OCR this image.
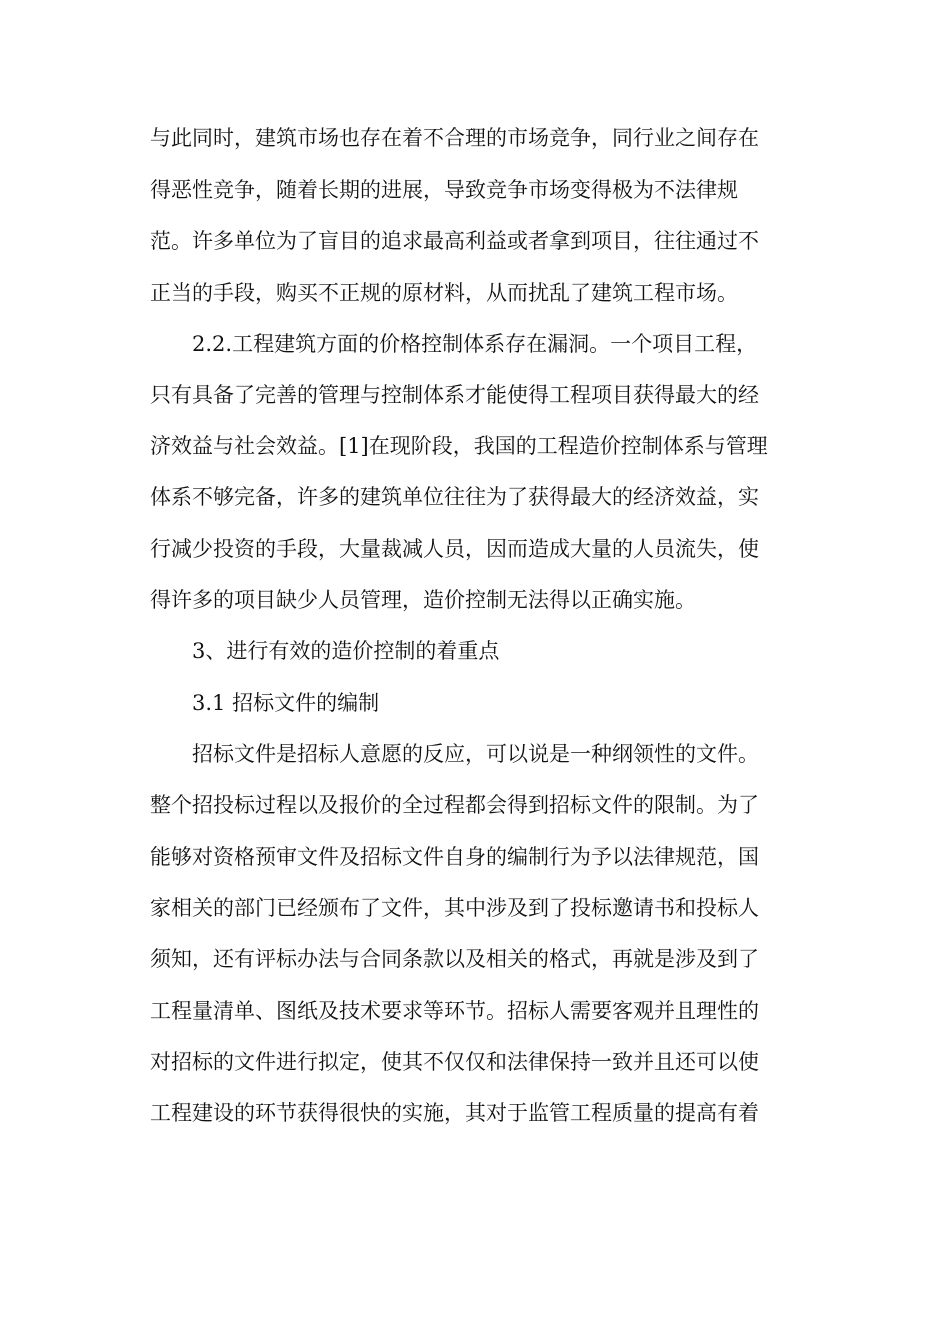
与此同时，建筑市场也存在着不合理的市场竞争，同行业之间存在
得恶性竞争，随着长期的进展，导致竞争市场变得极为不法律规
范。许多单位为了盲目的追求最高利益或者拿到项目，往往通过不
正当的手段，购买不正规的原材料，从而扰乱了建筑工程市场。
2.2.工程建筑方面的价格控制体系存在漏洞。一个项目工程，
只有具备了完善的管理与控制体系才能使得工程项目获得最大的经
济效益与社会效益。[1]在现阶段，我国的工程造价控制体系与管理
体系不够完备，许多的建筑单位往往为了获得最大的经济效益，实
行减少投资的手段，大量裁减人员，因而造成大量的人员流失，使
得许多的项目缺少人员管理，造价控制无法得以正确实施。
3、进行有效的造价控制的着重点
3.1 招标文件的编制
招标文件是招标人意愿的反应，可以说是一种纲领性的文件。
整个招投标过程以及报价的全过程都会得到招标文件的限制。为了
能够对资格预审文件及招标文件自身的编制行为予以法律规范，国
家相关的部门已经颁布了文件，其中涉及到了投标邀请书和投标人
须知，还有评标办法与合同条款以及相关的格式，再就是涉及到了
工程量清单、图纸及技术要求等环节。招标人需要客观并且理性的
对招标的文件进行拟定，使其不仅仅和法律保持一致并且还可以使
工程建设的环节获得很快的实施，其对于监管工程质量的提高有着
